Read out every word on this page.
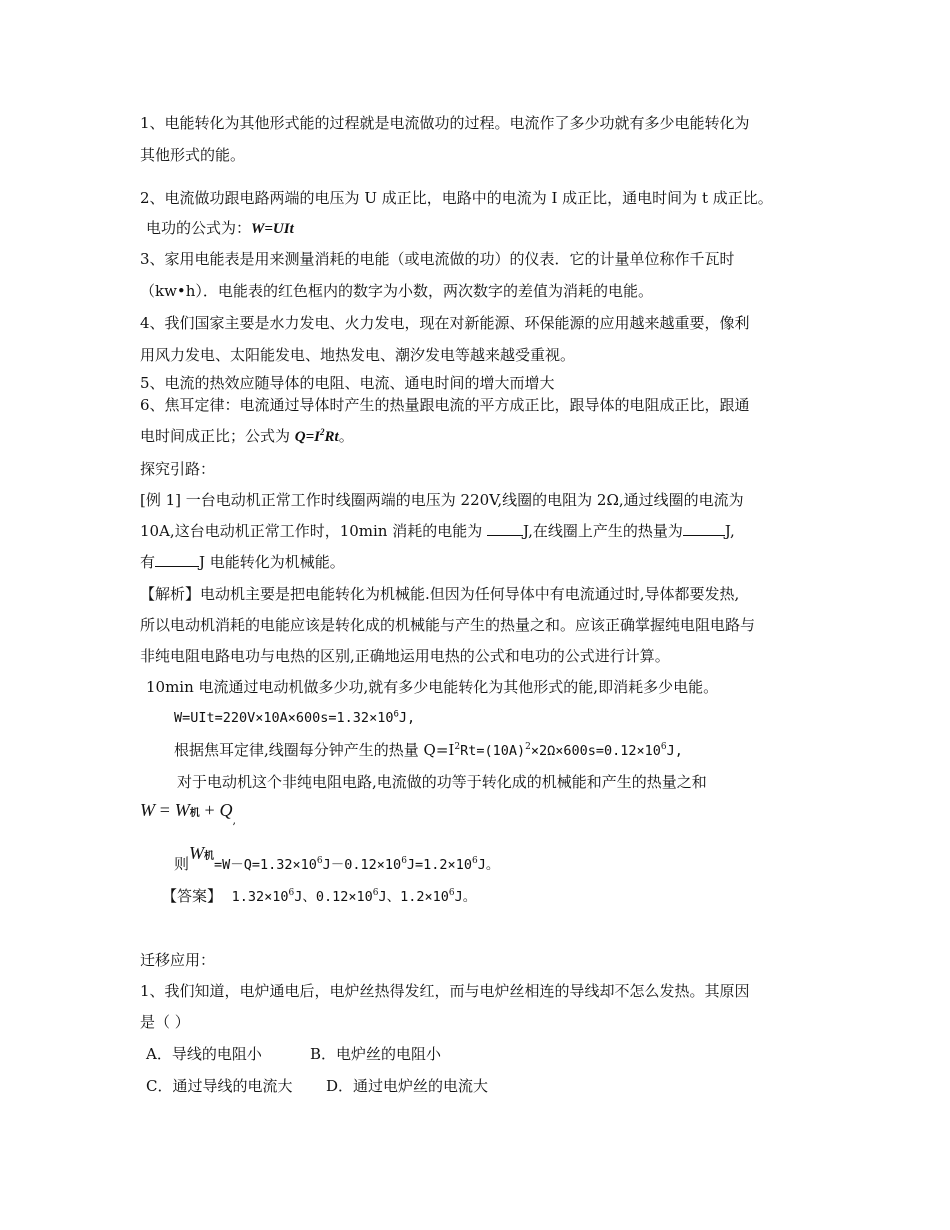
1、电能转化为其他形式能的过程就是电流做功的过程。电流作了多少功就有多少电能转化为
其他形式的能。
2、电流做功跟电路两端的电压为 U 成正比，电路中的电流为 I 成正比，通电时间为 t 成正比。
电功的公式为：W=UIt
3、家用电能表是用来测量消耗的电能（或电流做的功）的仪表．它的计量单位称作千瓦时
（kw•h）．电能表的红色框内的数字为小数，两次数字的差值为消耗的电能。
4、我们国家主要是水力发电、火力发电，现在对新能源、环保能源的应用越来越重要，像利
用风力发电、太阳能发电、地热发电、潮汐发电等越来越受重视。
5、电流的热效应随导体的电阻、电流、通电时间的增大而增大
6、焦耳定律：电流通过导体时产生的热量跟电流的平方成正比，跟导体的电阻成正比，跟通
电时间成正比；公式为 $Q=I^2Rt$。
探究引路：
[例 1] 一台电动机正常工作时线圈两端的电压为 220V,线圈的电阻为 2Ω,通过线圈的电流为
10A,这台电动机正常工作时，10min 消耗的电能为	J,在线圈上产生的热量为	J,
有	J 电能转化为机械能。
【解析】电动机主要是把电能转化为机械能.但因为任何导体中有电流通过时,导体都要发热,
所以电动机消耗的电能应该是转化成的机械能与产生的热量之和。应该正确掌握纯电阻电路与
非纯电阻电路电功与电热的区别,正确地运用电热的公式和电功的公式进行计算。
10min 电流通过电动机做多少功,就有多少电能转化为其他形式的能,即消耗多少电能。
$W=UIt=220V\times 10A\times 600s=1.32\times 10^6J$,
根据焦耳定律,线圈每分钟产生的热量 $Q=I^2Rt=(10A)^2\times 2\Omega\times 600s=0.12\times 10^6J$,
对于电动机这个非纯电阻电路,电流做的功等于转化成的机械能和产生的热量之和
W = W机 + $Q_,$
则W机$=W-Q=1.32\times 10^6J-0.12\times 10^6J=1.2\times 10^6J$。
【答案】 $1.32\times 10^6J$、$0.12\times 10^6J$、$1.2\times 10^6J$。
迁移应用：
1、我们知道，电炉通电后，电炉丝热得发红，而与电炉丝相连的导线却不怎么发热。其原因
是（ ）
A．导线的电阻小	B．电炉丝的电阻小
C．通过导线的电流大 D．通过电炉丝的电流大
